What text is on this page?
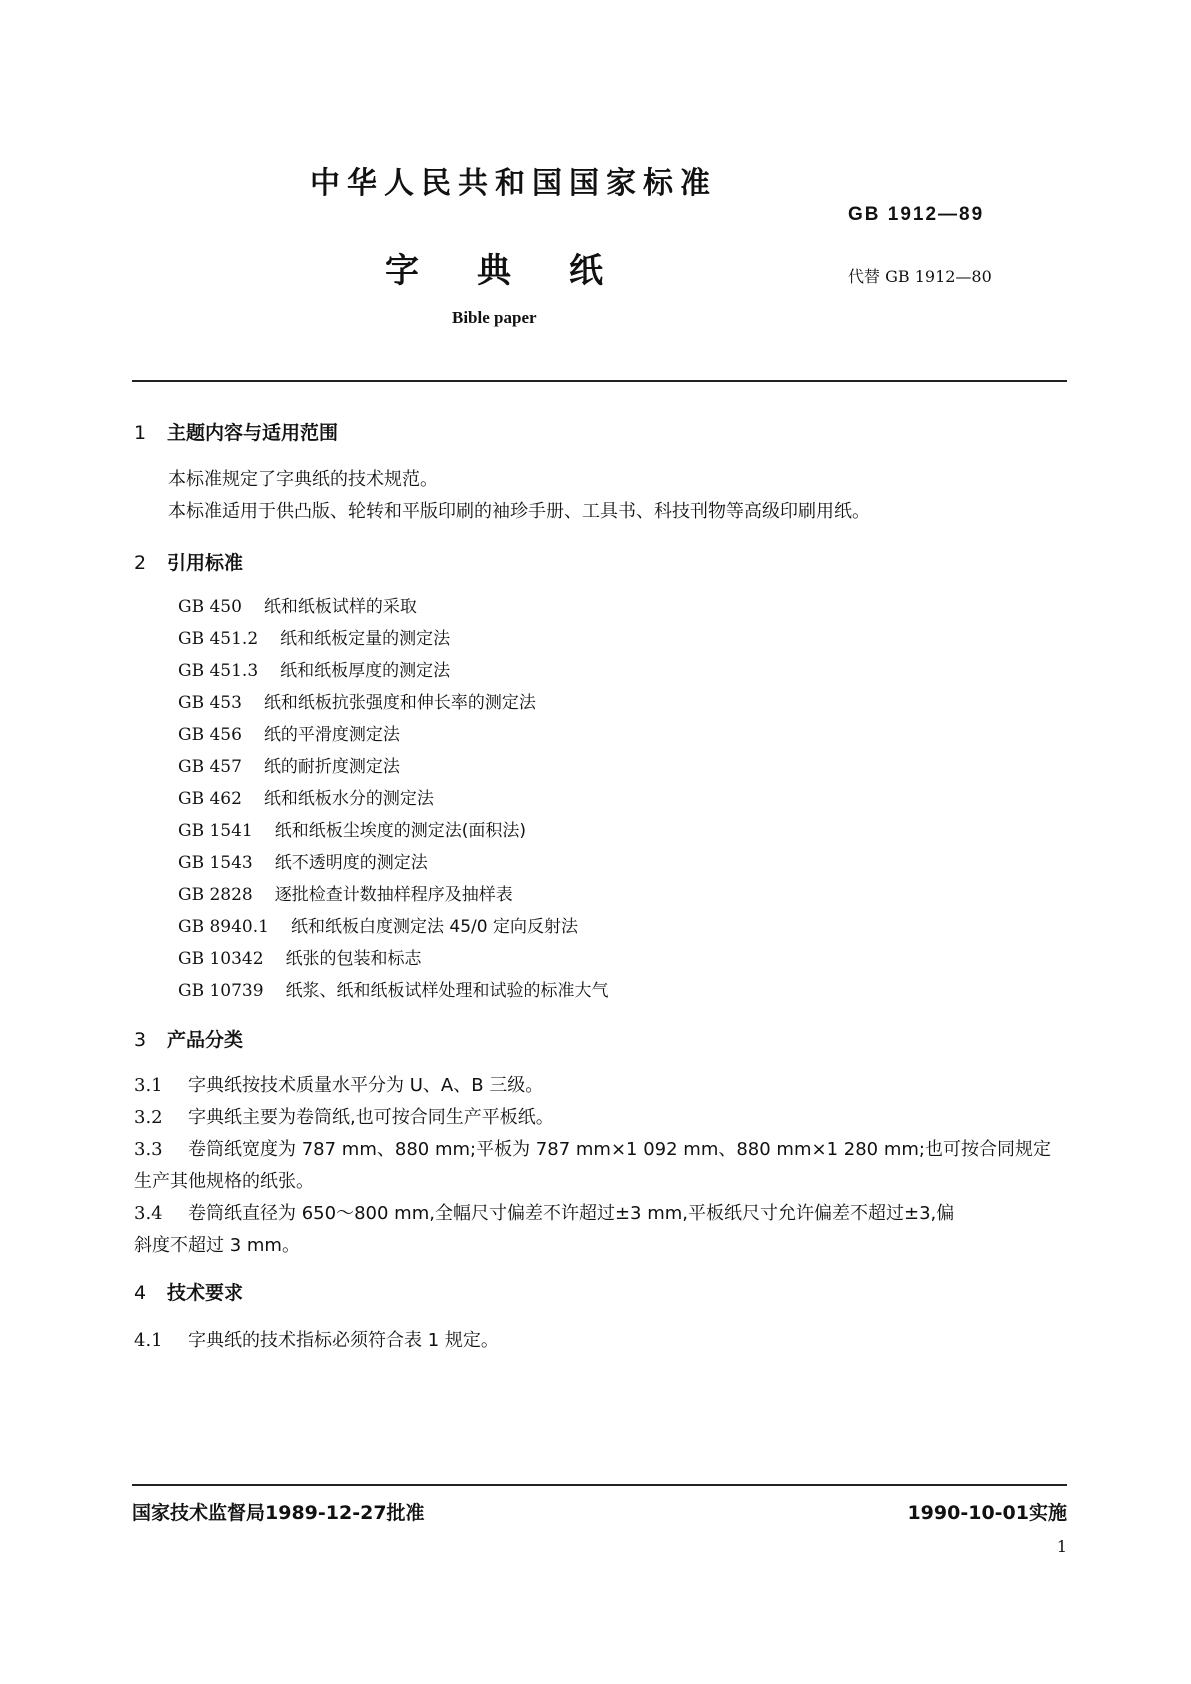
中华人民共和国国家标准
GB 1912—89
字典纸	代替 GB 1912—80
Bible paper
1 主题内容与适用范围
本标准规定了字典纸的技术规范。
本标准适用于供凸版、轮转和平版印刷的袖珍手册、工具书、科技刊物等高级印刷用纸。
2 引用标准
GB 450 纸和纸板试样的采取
GB 451.2 纸和纸板定量的测定法
GB 451.3 纸和纸板厚度的测定法
GB 453 纸和纸板抗张强度和伸长率的测定法
GB 456 纸的平滑度测定法
GB 457 纸的耐折度测定法
GB 462 纸和纸板水分的测定法
GB 1541 纸和纸板尘埃度的测定法(面积法)
GB 1543 纸不透明度的测定法
GB 2828 逐批检查计数抽样程序及抽样表
GB 8940.1 纸和纸板白度测定法 45/0 定向反射法
GB 10342 纸张的包装和标志
GB 10739 纸浆、纸和纸板试样处理和试验的标准大气
3 产品分类
3.1 字典纸按技术质量水平分为 U、A、B 三级。
3.2 字典纸主要为卷筒纸,也可按合同生产平板纸。
3.3 卷筒纸宽度为 787 mm、880 mm;平板为 787 mm×1 092 mm、880 mm×1 280 mm;也可按合同规定
生产其他规格的纸张。
3.4 卷筒纸直径为 650～800 mm,全幅尺寸偏差不许超过±3 mm,平板纸尺寸允许偏差不超过±3,偏
斜度不超过 3 mm。
4 技术要求
4.1 字典纸的技术指标必须符合表 1 规定。
国家技术监督局1989-12-27批准	1990-10-01实施
1
